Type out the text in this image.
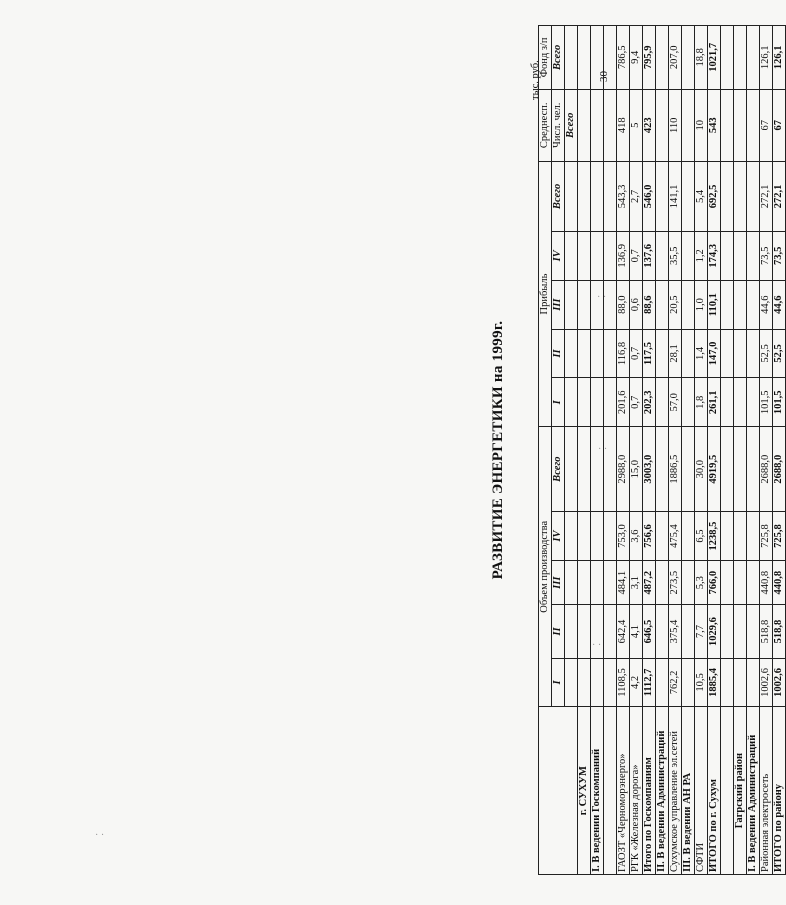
30
РАЗВИТИЕ ЭНЕРГЕТИКИ на 1999г.
тыс. руб.
	Объем производства					Прибыль					Среднесп.	Фонд з/п
	I	II	III	IV	Всего	I	II	III	IV	Всего	Числ. чел.	Всего
											Всего	
г. СУХУМ												
I. В ведении Госкомпаний												

ГАОЗТ «Черноморэнерго»	1108,5	642,4	484,1	753,0	2988,0	201,6	116,8	88,0	136,9	543,3	418	786,5
РГК «Железная дорога»	4,2	4,1	3,1	3,6	15,0	0,7	0,7	0,6	0,7	2,7	5	9,4
Итого по Госкомпаниям	1112,7	646,5	487,2	756,6	3003,0	202,3	117,5	88,6	137,6	546,0	423	795,9
II. В ведении Администраций												
Сухумское управление эл.сетей	762,2	375,4	273,5	475,4	1886,5	57,0	28,1	20,5	35,5	141,1	110	207,0
III. В ведении АН РА												
СФТИ	10,5	7,7	5,3	6,5	30,0	1,8	1,4	1,0	1,2	5,4	10	18,8
ИТОГО по г. Сухум	1885,4	1029,6	766,0	1238,5	4919,5	261,1	147,0	110,1	174,3	692,5	543	1021,7

Гагрский район												
I. В ведении Администраций												
Районная электросеть	1002,6	518,8	440,8	725,8	2688,0	101,5	52,5	44,6	73,5	272,1	67	126,1
ИТОГО по району	1002,6	518,8	440,8	725,8	2688,0	101,5	52,5	44,6	73,5	272,1	67	126,1
· ·
· ·
· ·
· ·
